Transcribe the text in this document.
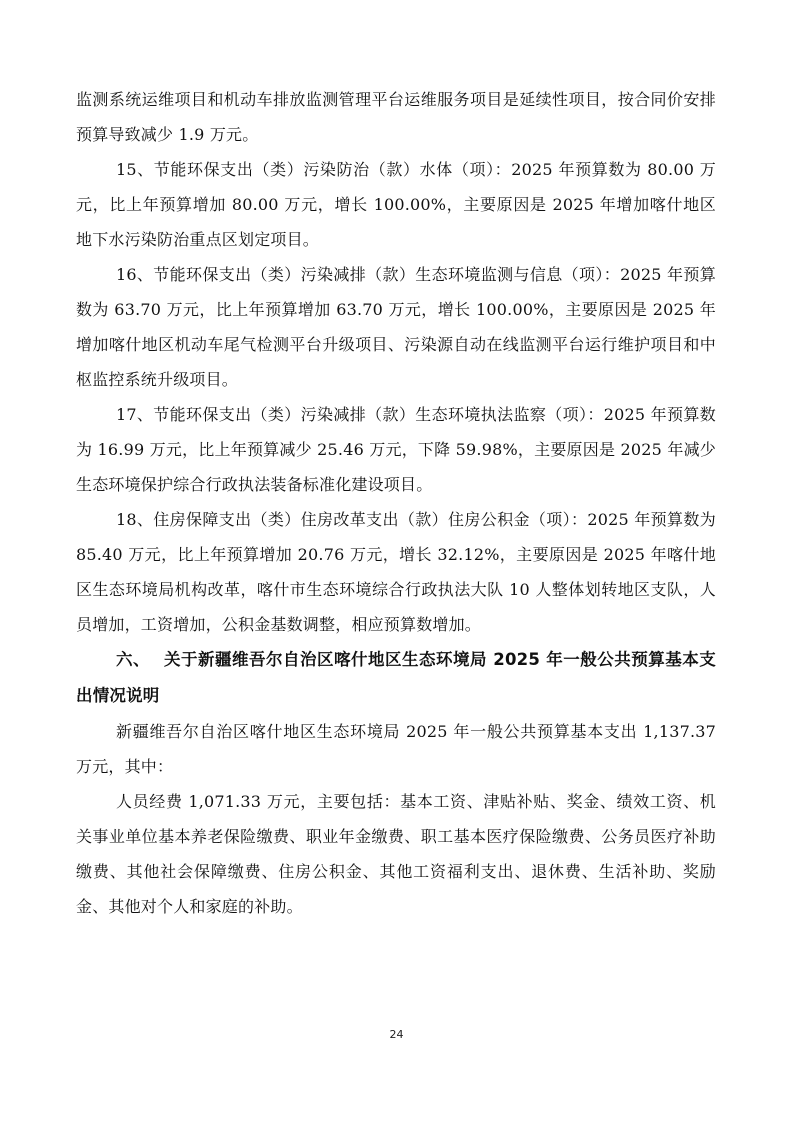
监测系统运维项目和机动车排放监测管理平台运维服务项目是延续性项目，按合同价安排预算导致减少 1.9 万元。

15、节能环保支出（类）污染防治（款）水体（项）：2025 年预算数为 80.00 万元，比上年预算增加 80.00 万元，增长 100.00%，主要原因是 2025 年增加喀什地区地下水污染防治重点区划定项目。

16、节能环保支出（类）污染减排（款）生态环境监测与信息（项）：2025 年预算数为 63.70 万元，比上年预算增加 63.70 万元，增长 100.00%，主要原因是 2025 年增加喀什地区机动车尾气检测平台升级项目、污染源自动在线监测平台运行维护项目和中枢监控系统升级项目。

17、节能环保支出（类）污染减排（款）生态环境执法监察（项）：2025 年预算数为 16.99 万元，比上年预算减少 25.46 万元，下降 59.98%，主要原因是 2025 年减少生态环境保护综合行政执法装备标准化建设项目。

18、住房保障支出（类）住房改革支出（款）住房公积金（项）：2025 年预算数为 85.40 万元，比上年预算增加 20.76 万元，增长 32.12%，主要原因是 2025 年喀什地区生态环境局机构改革，喀什市生态环境综合行政执法大队 10 人整体划转地区支队，人员增加，工资增加，公积金基数调整，相应预算数增加。

六、 关于新疆维吾尔自治区喀什地区生态环境局 2025 年一般公共预算基本支出情况说明

新疆维吾尔自治区喀什地区生态环境局 2025 年一般公共预算基本支出 1,137.37 万元，其中：

人员经费 1,071.33 万元，主要包括：基本工资、津贴补贴、奖金、绩效工资、机关事业单位基本养老保险缴费、职业年金缴费、职工基本医疗保险缴费、公务员医疗补助缴费、其他社会保障缴费、住房公积金、其他工资福利支出、退休费、生活补助、奖励金、其他对个人和家庭的补助。

24
